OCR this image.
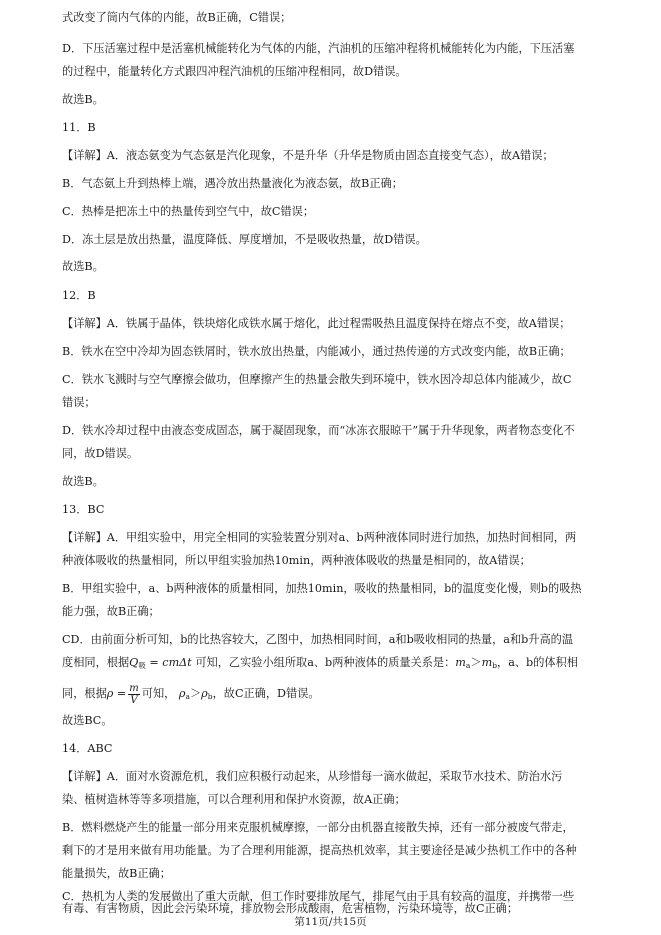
式改变了筒内气体的内能，故B正确，C错误；
D．下压活塞过程中是活塞机械能转化为气体的内能，汽油机的压缩冲程将机械能转化为内能，下压活塞
的过程中，能量转化方式跟四冲程汽油机的压缩冲程相同，故D错误。
故选B。
11．B
【详解】A．液态氨变为气态氨是汽化现象，不是升华（升华是物质由固态直接变气态），故A错误；
B．气态氨上升到热棒上端，遇冷放出热量液化为液态氨，故B正确；
C．热棒是把冻土中的热量传到空气中，故C错误；
D．冻土层是放出热量，温度降低、厚度增加，不是吸收热量，故D错误。
故选B。
12．B
【详解】A．铁属于晶体，铁块熔化成铁水属于熔化，此过程需吸热且温度保持在熔点不变，故A错误；
B．铁水在空中冷却为固态铁屑时，铁水放出热量，内能减小，通过热传递的方式改变内能，故B正确；
C．铁水飞溅时与空气摩擦会做功，但摩擦产生的热量会散失到环境中，铁水因冷却总体内能减少，故C
错误；
D．铁水冷却过程中由液态变成固态，属于凝固现象，而“冰冻衣服晾干”属于升华现象，两者物态变化不
同，故D错误。
故选B。
13．BC
【详解】A．甲组实验中，用完全相同的实验装置分别对a、b两种液体同时进行加热，加热时间相同，两
种液体吸收的热量相同，所以甲组实验加热10min，两种液体吸收的热量是相同的，故A错误；
B．甲组实验中，a、b两种液体的质量相同，加热10min，吸收的热量相同，b的温度变化慢，则b的吸热
能力强，故B正确；
CD．由前面分析可知，b的比热容较大，乙图中，加热相同时间，a和b吸收相同的热量，a和b升高的温
度相同，根据$Q_吸 = cm\Delta t$ 可知，乙实验小组所取a、b两种液体的质量关系是：$m_a>m_b$，a、b的体积相
同，根据$\rho = \frac{m}{V}$ 可知， $\rho_a>\rho_b$，故C正确，D错误。
故选BC。
14．ABC
【详解】A．面对水资源危机，我们应积极行动起来，从珍惜每一滴水做起，采取节水技术、防治水污
染、植树造林等等多项措施，可以合理利用和保护水资源，故A正确；
B．燃料燃烧产生的能量一部分用来克服机械摩擦，一部分由机器直接散失掉，还有一部分被废气带走，
剩下的才是用来做有用功能量。为了合理利用能源，提高热机效率，其主要途径是减少热机工作中的各种
能量损失，故B正确；
C．热机为人类的发展做出了重大贡献，但工作时要排放尾气，排尾气由于具有较高的温度，并携带一些
第11页/共15页
有毒、有害物质，因此会污染环境，排放物会形成酸雨，危害植物，污染环境等，故C正确；
